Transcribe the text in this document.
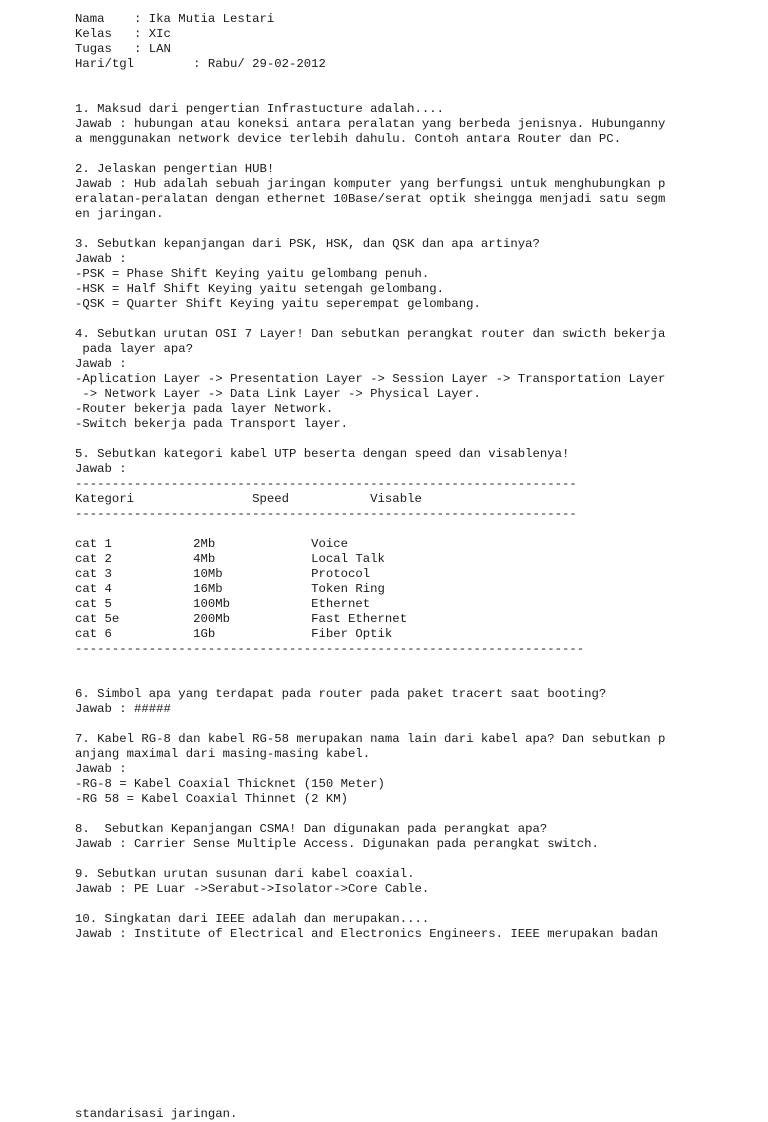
Nama    : Ika Mutia Lestari
Kelas   : XIc
Tugas   : LAN
Hari/tgl        : Rabu/ 29-02-2012
1. Maksud dari pengertian Infrastucture adalah....
Jawab : hubungan atau koneksi antara peralatan yang berbeda jenisnya. Hubunganny
a menggunakan network device terlebih dahulu. Contoh antara Router dan PC.
2. Jelaskan pengertian HUB!
Jawab : Hub adalah sebuah jaringan komputer yang berfungsi untuk menghubungkan p
eralatan-peralatan dengan ethernet 10Base/serat optik sheingga menjadi satu segm
en jaringan.
3. Sebutkan kepanjangan dari PSK, HSK, dan QSK dan apa artinya?
Jawab :
-PSK = Phase Shift Keying yaitu gelombang penuh.
-HSK = Half Shift Keying yaitu setengah gelombang.
-QSK = Quarter Shift Keying yaitu seperempat gelombang.
4. Sebutkan urutan OSI 7 Layer! Dan sebutkan perangkat router dan swicth bekerja
pada layer apa?
Jawab :
-Aplication Layer -> Presentation Layer -> Session Layer -> Transportation Layer
-> Network Layer -> Data Link Layer -> Physical Layer.
-Router bekerja pada layer Network.
-Switch bekerja pada Transport layer.
5. Sebutkan kategori kabel UTP beserta dengan speed dan visablenya!
Jawab :
--------------------------------------------------------------------
Kategori                Speed           Visable
--------------------------------------------------------------------
cat 1           2Mb             Voice
cat 2           4Mb             Local Talk
cat 3           10Mb            Protocol
cat 4           16Mb            Token Ring
cat 5           100Mb           Ethernet
cat 5e          200Mb           Fast Ethernet
cat 6           1Gb             Fiber Optik
---------------------------------------------------------------------
6. Simbol apa yang terdapat pada router pada paket tracert saat booting?
Jawab : #####
7. Kabel RG-8 dan kabel RG-58 merupakan nama lain dari kabel apa? Dan sebutkan p
anjang maximal dari masing-masing kabel.
Jawab :
-RG-8 = Kabel Coaxial Thicknet (150 Meter)
-RG 58 = Kabel Coaxial Thinnet (2 KM)
8.  Sebutkan Kepanjangan CSMA! Dan digunakan pada perangkat apa?
Jawab : Carrier Sense Multiple Access. Digunakan pada perangkat switch.
9. Sebutkan urutan susunan dari kabel coaxial.
Jawab : PE Luar ->Serabut->Isolator->Core Cable.
10. Singkatan dari IEEE adalah dan merupakan....
Jawab : Institute of Electrical and Electronics Engineers. IEEE merupakan badan
standarisasi jaringan.
